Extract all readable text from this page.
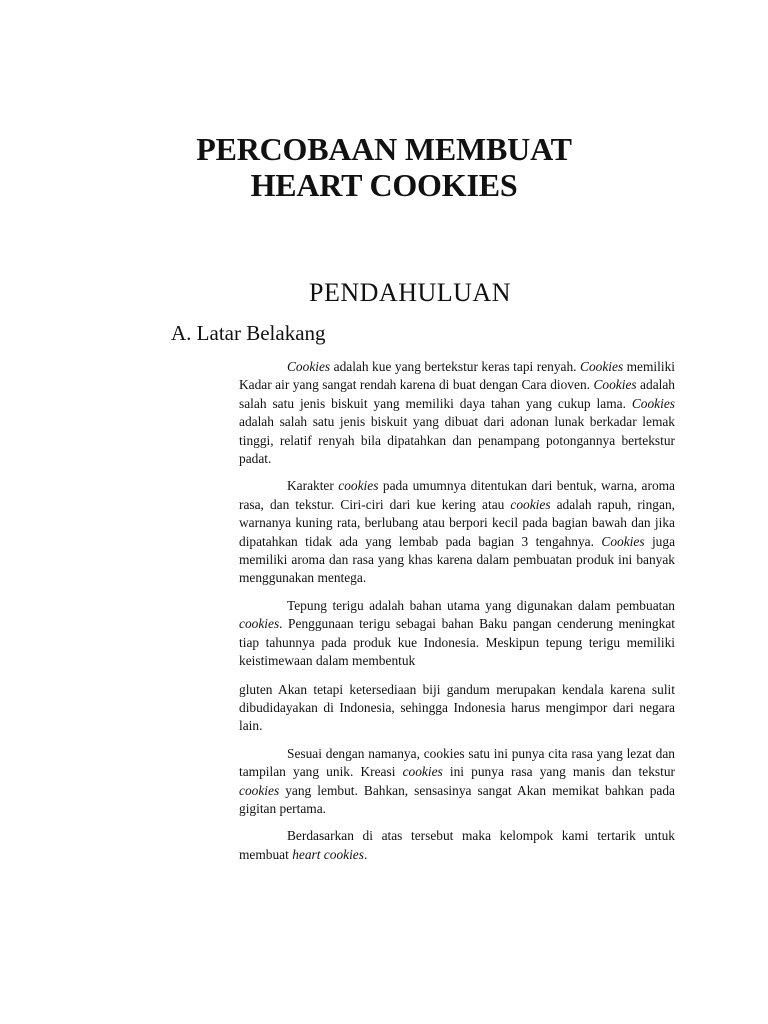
PERCOBAAN MEMBUAT
HEART COOKIES
PENDAHULUAN
A. Latar Belakang

Cookies adalah kue yang bertekstur keras tapi renyah. Cookies memiliki Kadar air yang sangat rendah karena di buat dengan Cara dioven. Cookies adalah salah satu jenis biskuit yang memiliki daya tahan yang cukup lama. Cookies adalah salah satu jenis biskuit yang dibuat dari adonan lunak berkadar lemak tinggi, relatif renyah bila dipatahkan dan penampang potongannya bertekstur padat.

Karakter cookies pada umumnya ditentukan dari bentuk, warna, aroma rasa, dan tekstur. Ciri-ciri dari kue kering atau cookies adalah rapuh, ringan, warnanya kuning rata, berlubang atau berpori kecil pada bagian bawah dan jika dipatahkan tidak ada yang lembab pada bagian 3 tengahnya. Cookies juga memiliki aroma dan rasa yang khas karena dalam pembuatan produk ini banyak menggunakan mentega.

Tepung terigu adalah bahan utama yang digunakan dalam pembuatan cookies. Penggunaan terigu sebagai bahan Baku pangan cenderung meningkat tiap tahunnya pada produk kue Indonesia. Meskipun tepung terigu memiliki keistimewaan dalam membentuk

gluten Akan tetapi ketersediaan biji gandum merupakan kendala karena sulit dibudidayakan di Indonesia, sehingga Indonesia harus mengimpor dari negara lain.

Sesuai dengan namanya, cookies satu ini punya cita rasa yang lezat dan tampilan yang unik. Kreasi cookies ini punya rasa yang manis dan tekstur cookies yang lembut. Bahkan, sensasinya sangat Akan memikat bahkan pada gigitan pertama.

Berdasarkan di atas tersebut maka kelompok kami tertarik untuk membuat heart cookies.
